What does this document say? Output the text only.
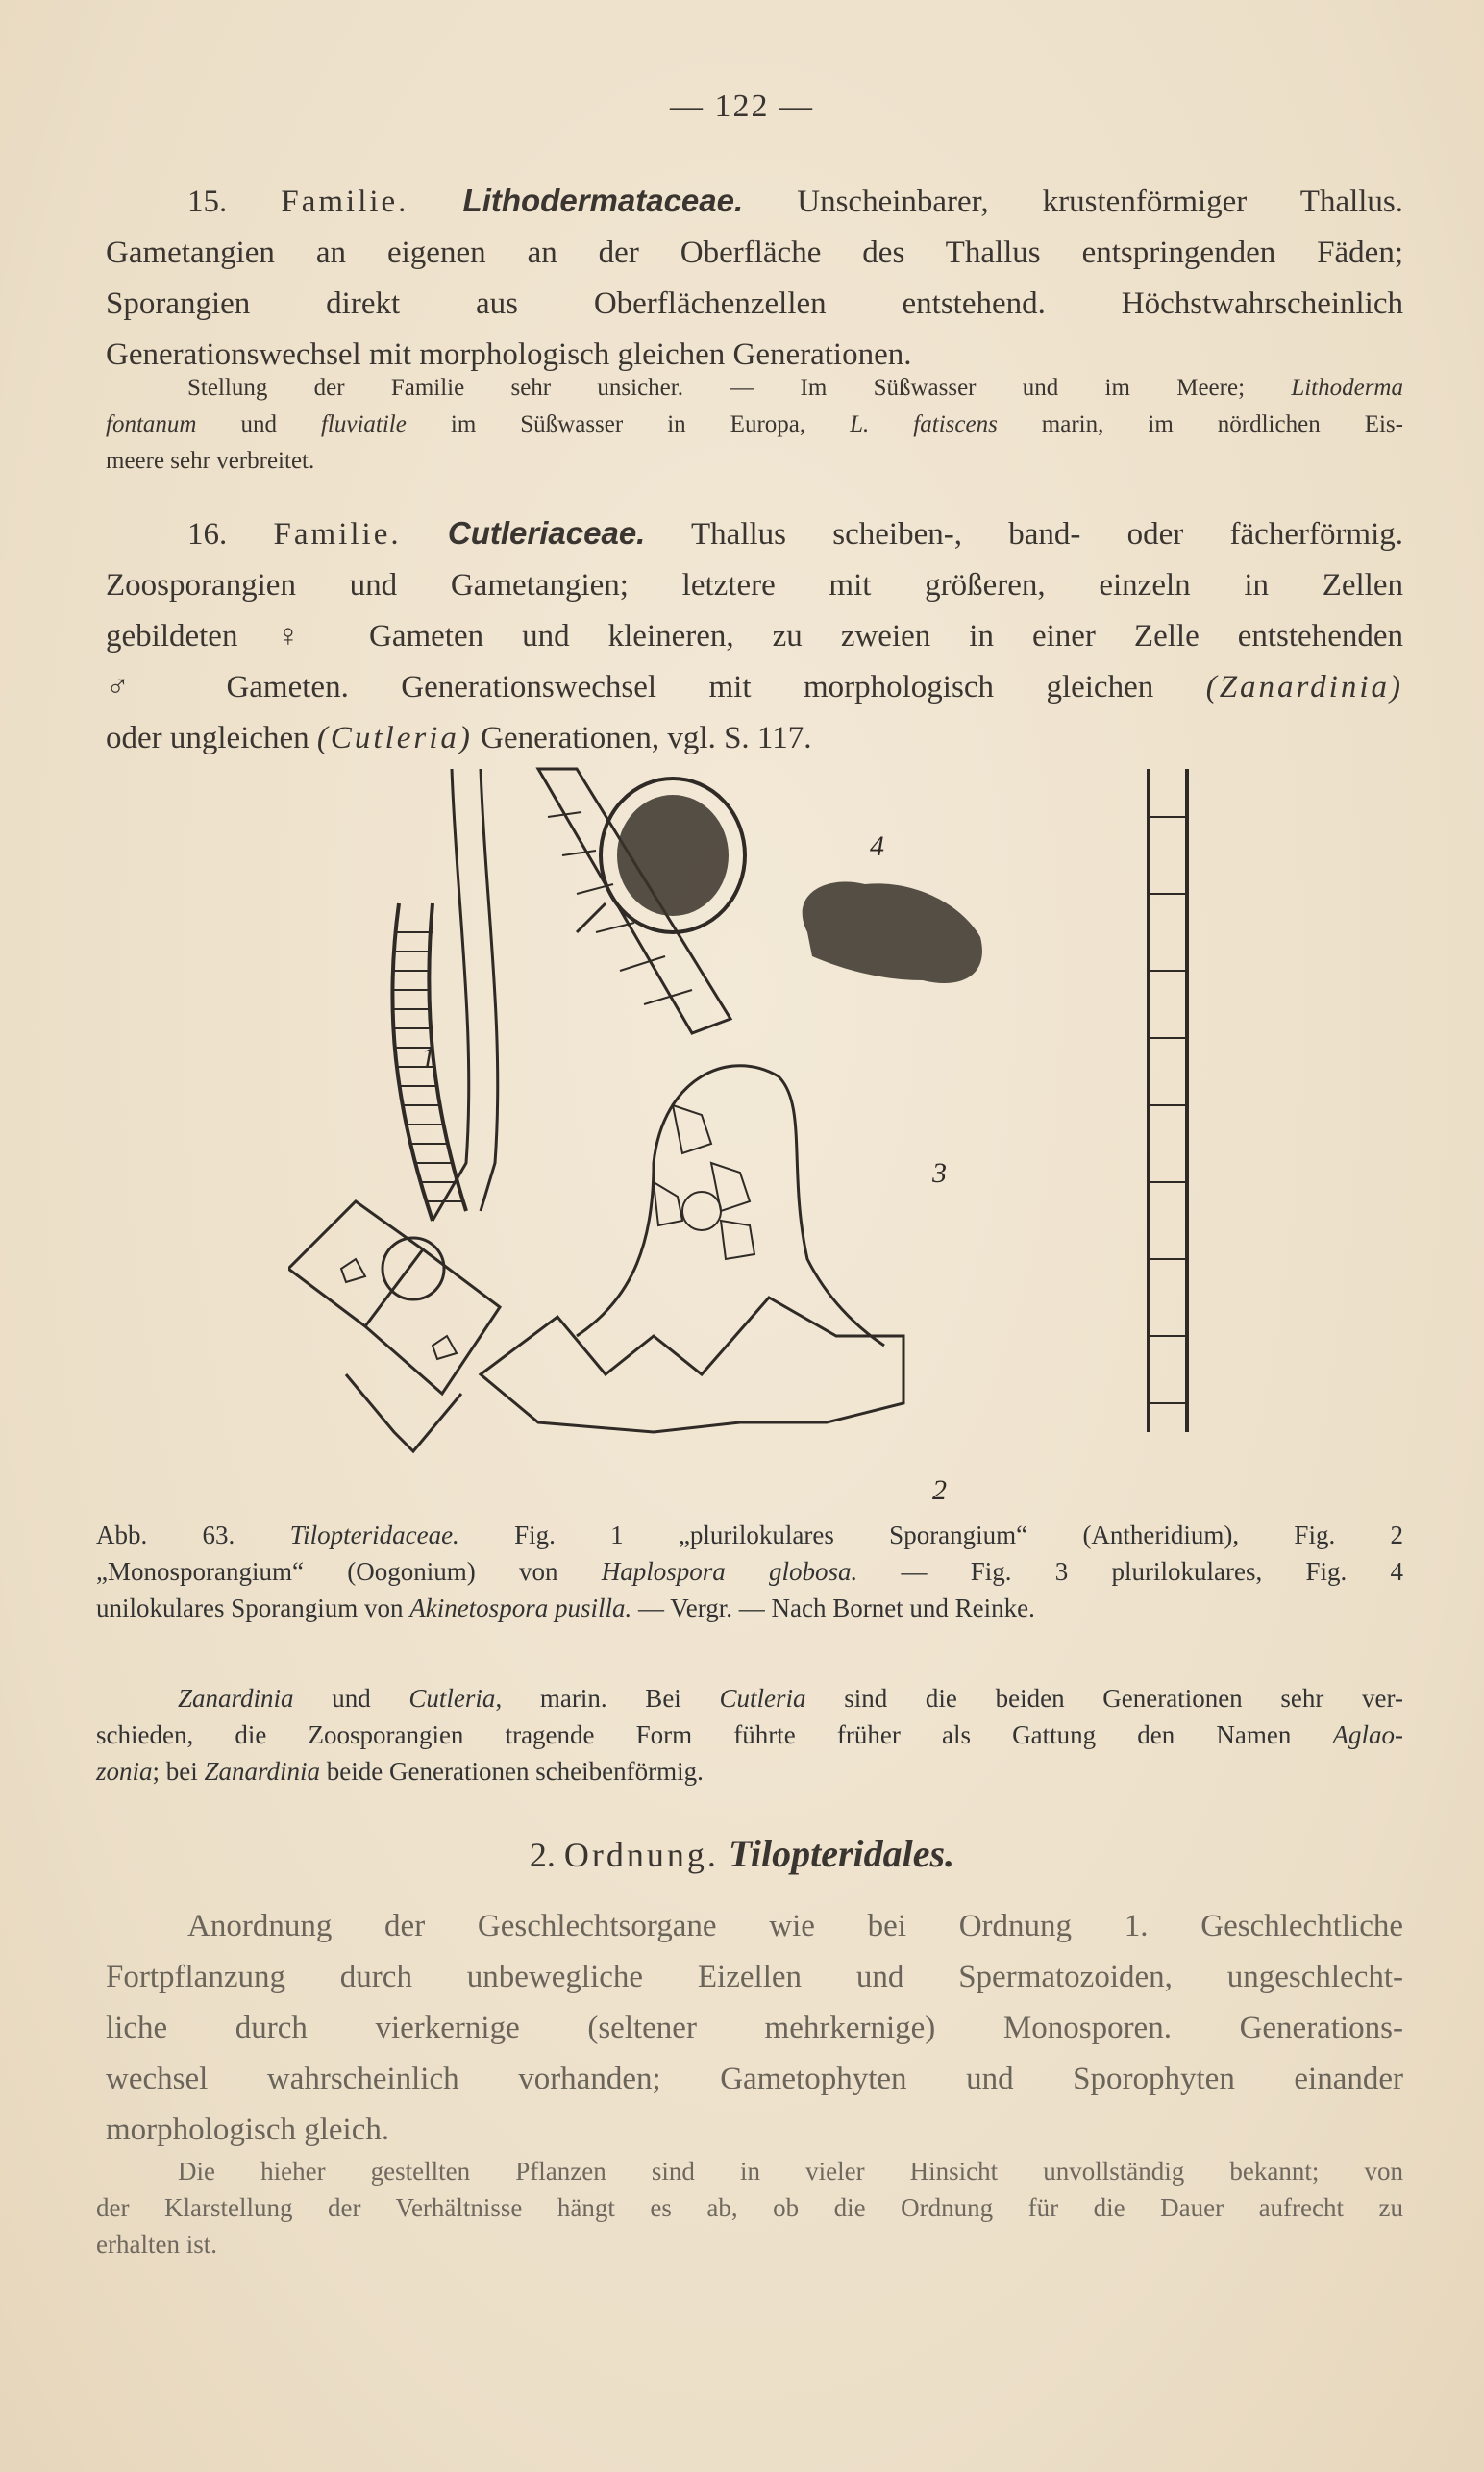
— 122 —
15. Familie. Lithodermataceae. Unscheinbarer, krustenförmiger Thallus.
Gametangien an eigenen an der Oberfläche des Thallus entspringenden Fäden;
Sporangien direkt aus Oberflächenzellen entstehend. Höchstwahrscheinlich
Generationswechsel mit morphologisch gleichen Generationen.
Stellung der Familie sehr unsicher. — Im Süßwasser und im Meere; Lithoderma
fontanum und fluviatile im Süßwasser in Europa, L. fatiscens marin, im nördlichen Eis-
meere sehr verbreitet.
16. Familie. Cutleriaceae. Thallus scheiben-, band- oder fächerförmig.
Zoosporangien und Gametangien; letztere mit größeren, einzeln in Zellen
gebildeten ♀ Gameten und kleineren, zu zweien in einer Zelle entstehenden
♂ Gameten. Generationswechsel mit morphologisch gleichen (Zanardinia)
oder ungleichen (Cutleria) Generationen, vgl. S. 117.
1
3
4
2
Abb. 63. Tilopteridaceae. Fig. 1 „plurilokulares Sporangium“ (Antheridium), Fig. 2
„Monosporangium“ (Oogonium) von Haplospora globosa. — Fig. 3 plurilokulares, Fig. 4
unilokulares Sporangium von Akinetospora pusilla. — Vergr. — Nach Bornet und Reinke.
Zanardinia und Cutleria, marin. Bei Cutleria sind die beiden Generationen sehr ver-
schieden, die Zoosporangien tragende Form führte früher als Gattung den Namen Aglao-
zonia; bei Zanardinia beide Generationen scheibenförmig.
2. Ordnung. Tilopteridales.
Anordnung der Geschlechtsorgane wie bei Ordnung 1. Geschlechtliche
Fortpflanzung durch unbewegliche Eizellen und Spermatozoiden, ungeschlecht-
liche durch vierkernige (seltener mehrkernige) Monosporen. Generations-
wechsel wahrscheinlich vorhanden; Gametophyten und Sporophyten einander
morphologisch gleich.
Die hieher gestellten Pflanzen sind in vieler Hinsicht unvollständig bekannt; von
der Klarstellung der Verhältnisse hängt es ab, ob die Ordnung für die Dauer aufrecht zu
erhalten ist.
